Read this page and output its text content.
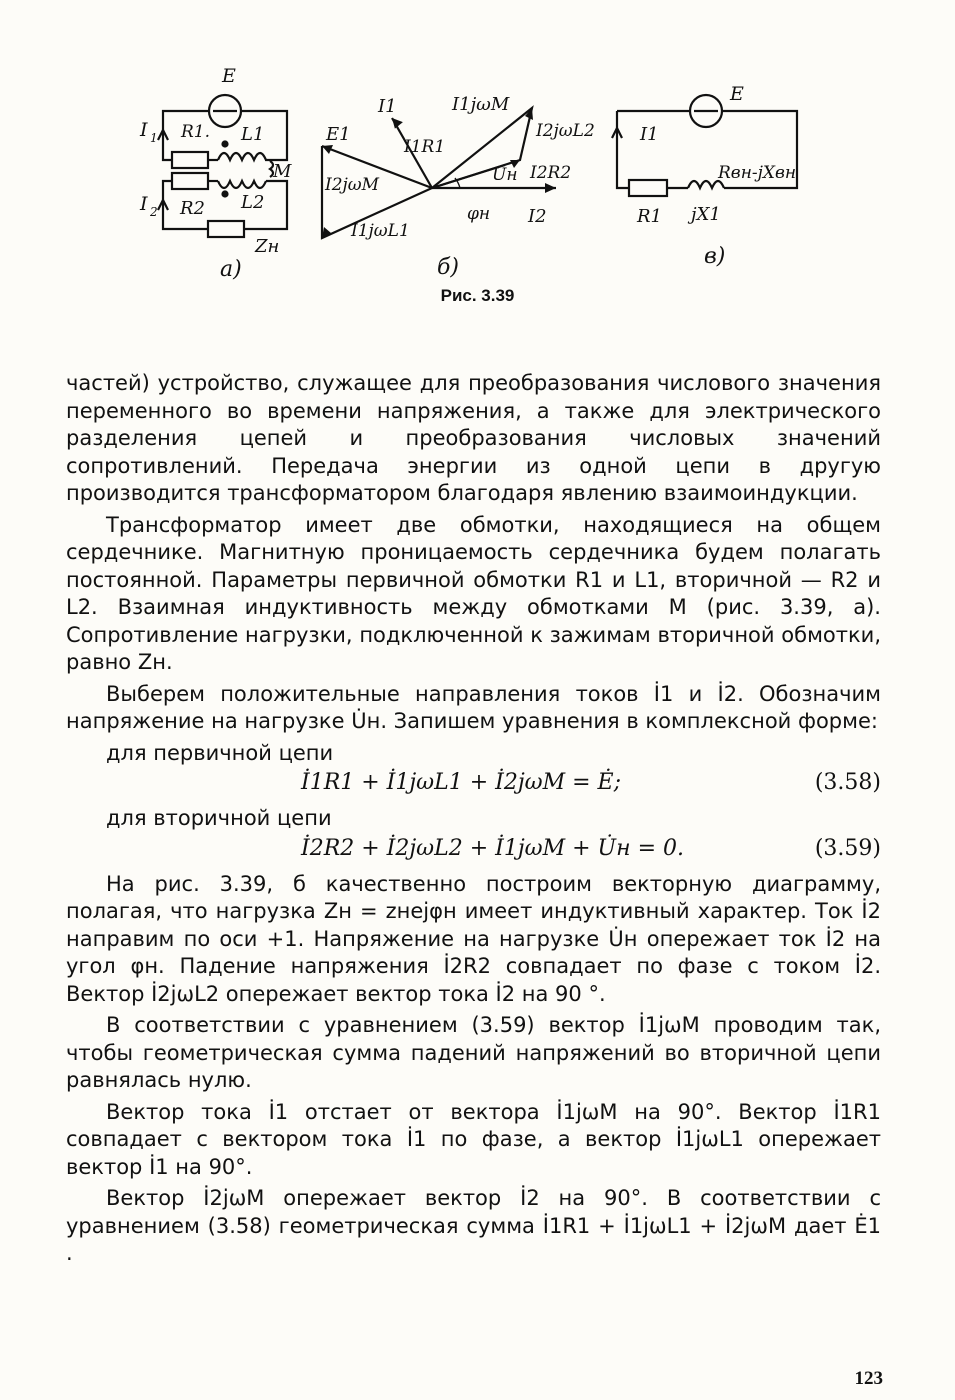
E
I 1 R1. L1
M
I 2 R2 L2
Zн
а)
E1
I1
I1R1
I1jωM
I2jωL2
Uн I2R2
I2
φн
I2jωM
I1jωL1
б)
E
I1
Rвн-jXвн
R1 jX1
в)
Рис. 3.39

частей) устройство, служащее для преобразования числового значения переменного во времени напряжения, а также для электрического разделения цепей и преобразования числовых значений сопротивлений. Передача энергии из одной цепи в другую производится трансформатором благодаря явлению взаимоиндукции.

Трансформатор имеет две обмотки, находящиеся на общем сердечнике. Магнитную проницаемость сердечника будем полагать постоянной. Параметры первичной обмотки R1 и L1, вторичной — R2 и L2. Взаимная индуктивность между обмотками М (рис. 3.39, а). Сопротивление нагрузки, подключенной к зажимам вторичной обмотки, равно Zн.

Выберем положительные направления токов İ1 и İ2. Обозначим напряжение на нагрузке U̇н. Запишем уравнения в комплексной форме:

для первичной цепи
İ1R1 + İ1jωL1 + İ2jωM = Ė;	(3.58)
для вторичной цепи
İ2R2 + İ2jωL2 + İ1jωM + U̇н = 0.	(3.59)

На рис. 3.39, б качественно построим векторную диаграмму, полагая, что нагрузка Zн = zнejφн имеет индуктивный характер. Ток İ2 направим по оси +1. Напряжение на нагрузке U̇н опережает ток İ2 на угол φн. Падение напряжения İ2R2 совпадает по фазе с током İ2. Вектор İ2jωL2 опережает вектор тока İ2 на 90 °.

В соответствии с уравнением (3.59) вектор İ1jωM проводим так, чтобы геометрическая сумма падений напряжений во вторичной цепи равнялась нулю.

Вектор тока İ1 отстает от вектора İ1jωM на 90°. Вектор İ1R1 совпадает с вектором тока İ1 по фазе, а вектор İ1jωL1 опережает вектор İ1 на 90°.

Вектор İ2jωM опережает вектор İ2 на 90°. В соответствии с уравнением (3.58) геометрическая сумма İ1R1 + İ1jωL1 + İ2jωM дает Ė1 .

123
